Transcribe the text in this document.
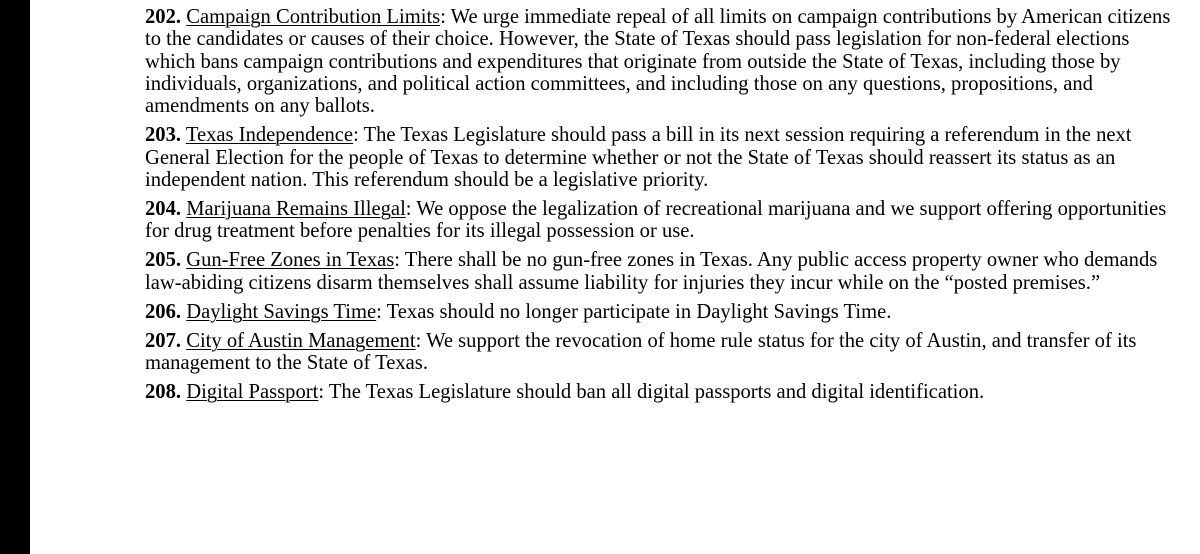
202. Campaign Contribution Limits: We urge immediate repeal of all limits on campaign contributions by American citizens to the candidates or causes of their choice. However, the State of Texas should pass legislation for non-federal elections which bans campaign contributions and expenditures that originate from outside the State of Texas, including those by individuals, organizations, and political action committees, and including those on any questions, propositions, and amendments on any ballots.

203. Texas Independence: The Texas Legislature should pass a bill in its next session requiring a referendum in the next General Election for the people of Texas to determine whether or not the State of Texas should reassert its status as an independent nation. This referendum should be a legislative priority.

204. Marijuana Remains Illegal: We oppose the legalization of recreational marijuana and we support offering opportunities for drug treatment before penalties for its illegal possession or use.

205. Gun-Free Zones in Texas: There shall be no gun-free zones in Texas. Any public access property owner who demands law-abiding citizens disarm themselves shall assume liability for injuries they incur while on the “posted premises.”

206. Daylight Savings Time: Texas should no longer participate in Daylight Savings Time.

207. City of Austin Management: We support the revocation of home rule status for the city of Austin, and transfer of its management to the State of Texas.

208. Digital Passport: The Texas Legislature should ban all digital passports and digital identification.
